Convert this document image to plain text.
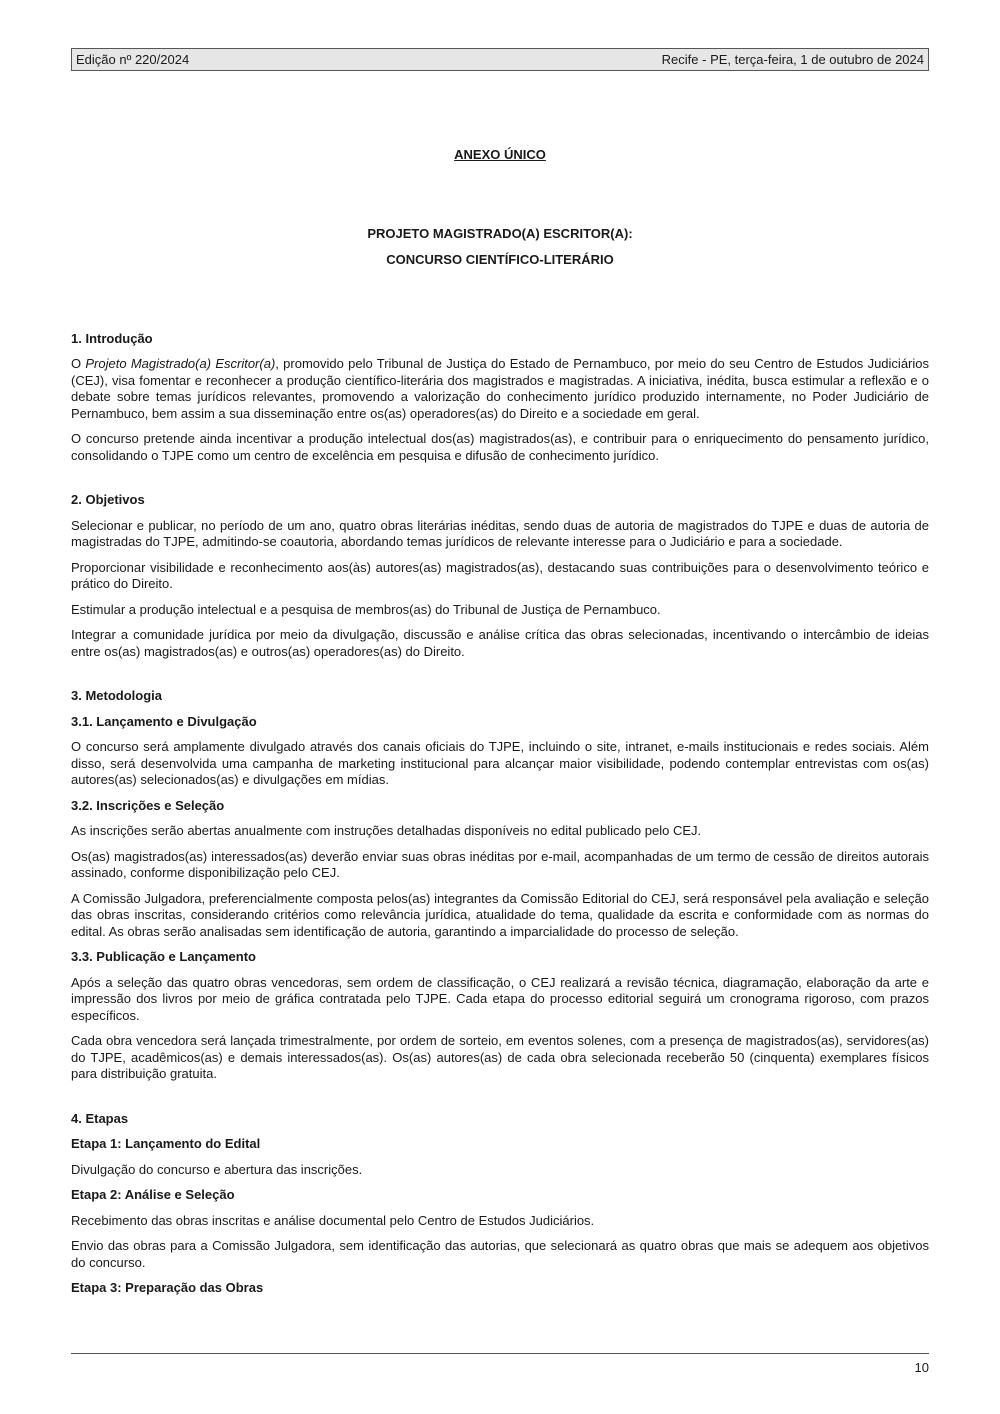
Edição nº 220/2024	Recife - PE, terça-feira, 1 de outubro de 2024

ANEXO ÚNICO

PROJETO MAGISTRADO(A) ESCRITOR(A):

CONCURSO CIENTÍFICO-LITERÁRIO

1. Introdução

O Projeto Magistrado(a) Escritor(a), promovido pelo Tribunal de Justiça do Estado de Pernambuco, por meio do seu Centro de Estudos Judiciários (CEJ), visa fomentar e reconhecer a produção científico-literária dos magistrados e magistradas. A iniciativa, inédita, busca estimular a reflexão e o debate sobre temas jurídicos relevantes, promovendo a valorização do conhecimento jurídico produzido internamente, no Poder Judiciário de Pernambuco, bem assim a sua disseminação entre os(as) operadores(as) do Direito e a sociedade em geral.

O concurso pretende ainda incentivar a produção intelectual dos(as) magistrados(as), e contribuir para o enriquecimento do pensamento jurídico, consolidando o TJPE como um centro de excelência em pesquisa e difusão de conhecimento jurídico.

2. Objetivos

Selecionar e publicar, no período de um ano, quatro obras literárias inéditas, sendo duas de autoria de magistrados do TJPE e duas de autoria de magistradas do TJPE, admitindo-se coautoria, abordando temas jurídicos de relevante interesse para o Judiciário e para a sociedade.

Proporcionar visibilidade e reconhecimento aos(às) autores(as) magistrados(as), destacando suas contribuições para o desenvolvimento teórico e prático do Direito.

Estimular a produção intelectual e a pesquisa de membros(as) do Tribunal de Justiça de Pernambuco.

Integrar a comunidade jurídica por meio da divulgação, discussão e análise crítica das obras selecionadas, incentivando o intercâmbio de ideias entre os(as) magistrados(as) e outros(as) operadores(as) do Direito.

3. Metodologia

3.1. Lançamento e Divulgação

O concurso será amplamente divulgado através dos canais oficiais do TJPE, incluindo o site, intranet, e-mails institucionais e redes sociais. Além disso, será desenvolvida uma campanha de marketing institucional para alcançar maior visibilidade, podendo contemplar entrevistas com os(as) autores(as) selecionados(as) e divulgações em mídias.

3.2. Inscrições e Seleção

As inscrições serão abertas anualmente com instruções detalhadas disponíveis no edital publicado pelo CEJ.

Os(as) magistrados(as) interessados(as) deverão enviar suas obras inéditas por e-mail, acompanhadas de um termo de cessão de direitos autorais assinado, conforme disponibilização pelo CEJ.

A Comissão Julgadora, preferencialmente composta pelos(as) integrantes da Comissão Editorial do CEJ, será responsável pela avaliação e seleção das obras inscritas, considerando critérios como relevância jurídica, atualidade do tema, qualidade da escrita e conformidade com as normas do edital. As obras serão analisadas sem identificação de autoria, garantindo a imparcialidade do processo de seleção.

3.3. Publicação e Lançamento

Após a seleção das quatro obras vencedoras, sem ordem de classificação, o CEJ realizará a revisão técnica, diagramação, elaboração da arte e impressão dos livros por meio de gráfica contratada pelo TJPE. Cada etapa do processo editorial seguirá um cronograma rigoroso, com prazos específicos.

Cada obra vencedora será lançada trimestralmente, por ordem de sorteio, em eventos solenes, com a presença de magistrados(as), servidores(as) do TJPE, acadêmicos(as) e demais interessados(as). Os(as) autores(as) de cada obra selecionada receberão 50 (cinquenta) exemplares físicos para distribuição gratuita.

4. Etapas

Etapa 1: Lançamento do Edital

Divulgação do concurso e abertura das inscrições.

Etapa 2: Análise e Seleção

Recebimento das obras inscritas e análise documental pelo Centro de Estudos Judiciários.

Envio das obras para a Comissão Julgadora, sem identificação das autorias, que selecionará as quatro obras que mais se adequem aos objetivos do concurso.

Etapa 3: Preparação das Obras

10
